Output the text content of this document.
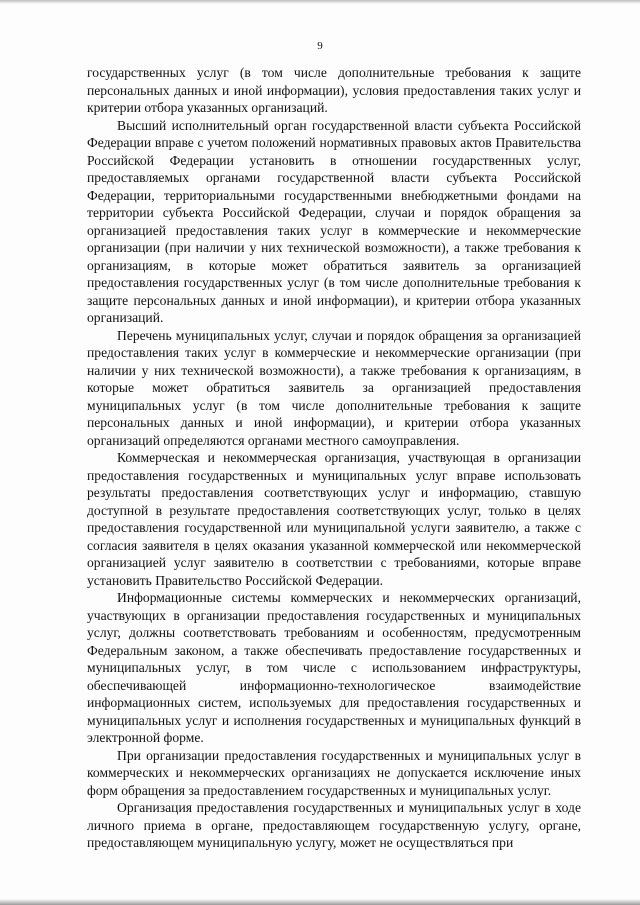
9

государственных услуг (в том числе дополнительные требования к защите персональных данных и иной информации), условия предоставления таких услуг и критерии отбора указанных организаций.

Высший исполнительный орган государственной власти субъекта Российской Федерации вправе с учетом положений нормативных правовых актов Правительства Российской Федерации установить в отношении государственных услуг, предоставляемых органами государственной власти субъекта Российской Федерации, территориальными государственными внебюджетными фондами на территории субъекта Российской Федерации, случаи и порядок обращения за организацией предоставления таких услуг в коммерческие и некоммерческие организации (при наличии у них технической возможности), а также требования к организациям, в которые может обратиться заявитель за организацией предоставления государственных услуг (в том числе дополнительные требования к защите персональных данных и иной информации), и критерии отбора указанных организаций.

Перечень муниципальных услуг, случаи и порядок обращения за организацией предоставления таких услуг в коммерческие и некоммерческие организации (при наличии у них технической возможности), а также требования к организациям, в которые может обратиться заявитель за организацией предоставления муниципальных услуг (в том числе дополнительные требования к защите персональных данных и иной информации), и критерии отбора указанных организаций определяются органами местного самоуправления.

Коммерческая и некоммерческая организация, участвующая в организации предоставления государственных и муниципальных услуг вправе использовать результаты предоставления соответствующих услуг и информацию, ставшую доступной в результате предоставления соответствующих услуг, только в целях предоставления государственной или муниципальной услуги заявителю, а также с согласия заявителя в целях оказания указанной коммерческой или некоммерческой организацией услуг заявителю в соответствии с требованиями, которые вправе установить Правительство Российской Федерации.

Информационные системы коммерческих и некоммерческих организаций, участвующих в организации предоставления государственных и муниципальных услуг, должны соответствовать требованиям и особенностям, предусмотренным Федеральным законом, а также обеспечивать предоставление государственных и муниципальных услуг, в том числе с использованием инфраструктуры, обеспечивающей информационно-технологическое взаимодействие информационных систем, используемых для предоставления государственных и муниципальных услуг и исполнения государственных и муниципальных функций в электронной форме.

При организации предоставления государственных и муниципальных услуг в коммерческих и некоммерческих организациях не допускается исключение иных форм обращения за предоставлением государственных и муниципальных услуг.

Организация предоставления государственных и муниципальных услуг в ходе личного приема в органе, предоставляющем государственную услугу, органе, предоставляющем муниципальную услугу, может не осуществляться при
